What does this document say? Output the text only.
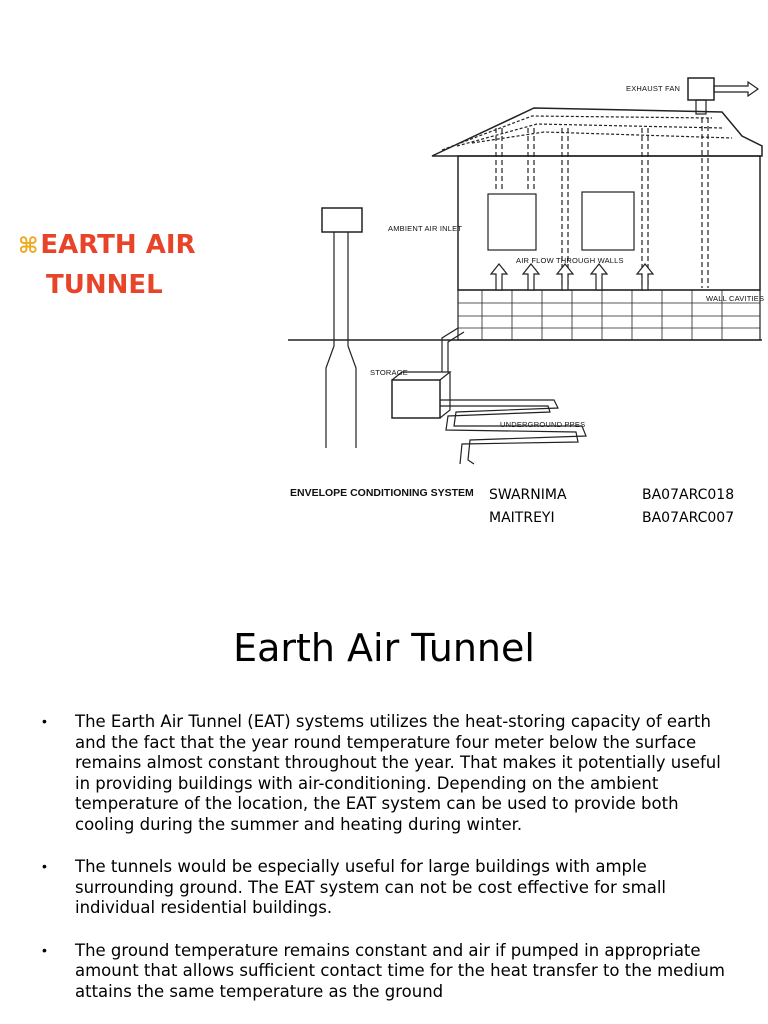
⌘EARTH AIR
TUNNEL
EXHAUST FAN
AMBIENT AIR INLET
AIR FLOW THROUGH WALLS
WALL CAVITIES
STORAGE
UNDERGROUND PPES
ENVELOPE CONDITIONING SYSTEM SWARNIMA	BA07ARC018
MAITREYI	BA07ARC007
Earth Air Tunnel
• The Earth Air Tunnel (EAT) systems utilizes the heat-storing capacity of earth and the fact that the year round temperature four meter below the surface remains almost constant throughout the year. That makes it potentially useful in providing buildings with air-conditioning. Depending on the ambient temperature of the location, the EAT system can be used to provide both cooling during the summer and heating during winter.
• The tunnels would be especially useful for large buildings with ample surrounding ground. The EAT system can not be cost effective for small individual residential buildings.
• The ground temperature remains constant and air if pumped in appropriate amount that allows sufficient contact time for the heat transfer to the medium attains the same temperature as the ground
